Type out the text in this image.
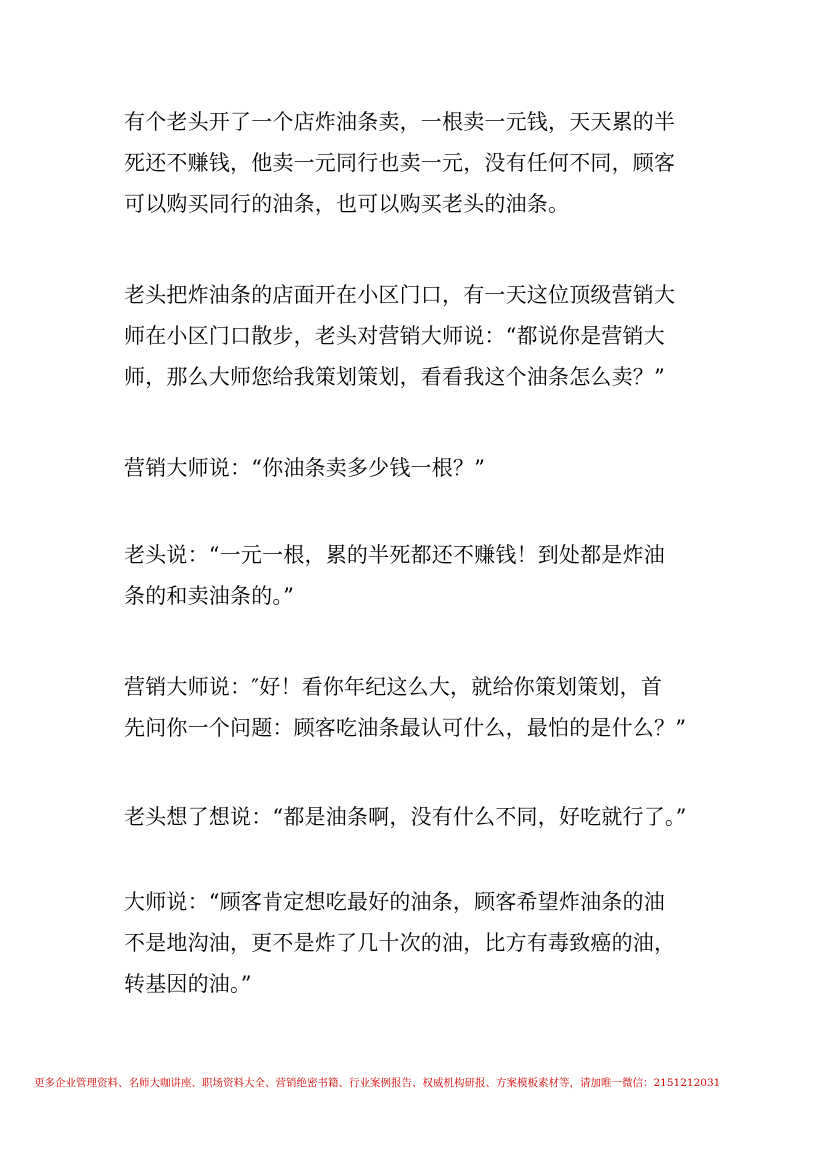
有个老头开了一个店炸油条卖，一根卖一元钱，天天累的半
死还不赚钱，他卖一元同行也卖一元，没有任何不同，顾客
可以购买同行的油条，也可以购买老头的油条。

老头把炸油条的店面开在小区门口，有一天这位顶级营销大
师在小区门口散步，老头对营销大师说：“都说你是营销大
师，那么大师您给我策划策划，看看我这个油条怎么卖？”

营销大师说：“你油条卖多少钱一根？”

老头说：“一元一根，累的半死都还不赚钱！到处都是炸油
条的和卖油条的。”

营销大师说：″好！看你年纪这么大，就给你策划策划，首
先问你一个问题：顾客吃油条最认可什么，最怕的是什么？”

老头想了想说：“都是油条啊，没有什么不同，好吃就行了。”

大师说：“顾客肯定想吃最好的油条，顾客希望炸油条的油
不是地沟油，更不是炸了几十次的油，比方有毒致癌的油，
转基因的油。”

更多企业管理资料、名师大咖讲座、职场资料大全、营销绝密书籍、行业案例报告、权威机构研报、方案模板素材等，请加唯一微信：2151212031
